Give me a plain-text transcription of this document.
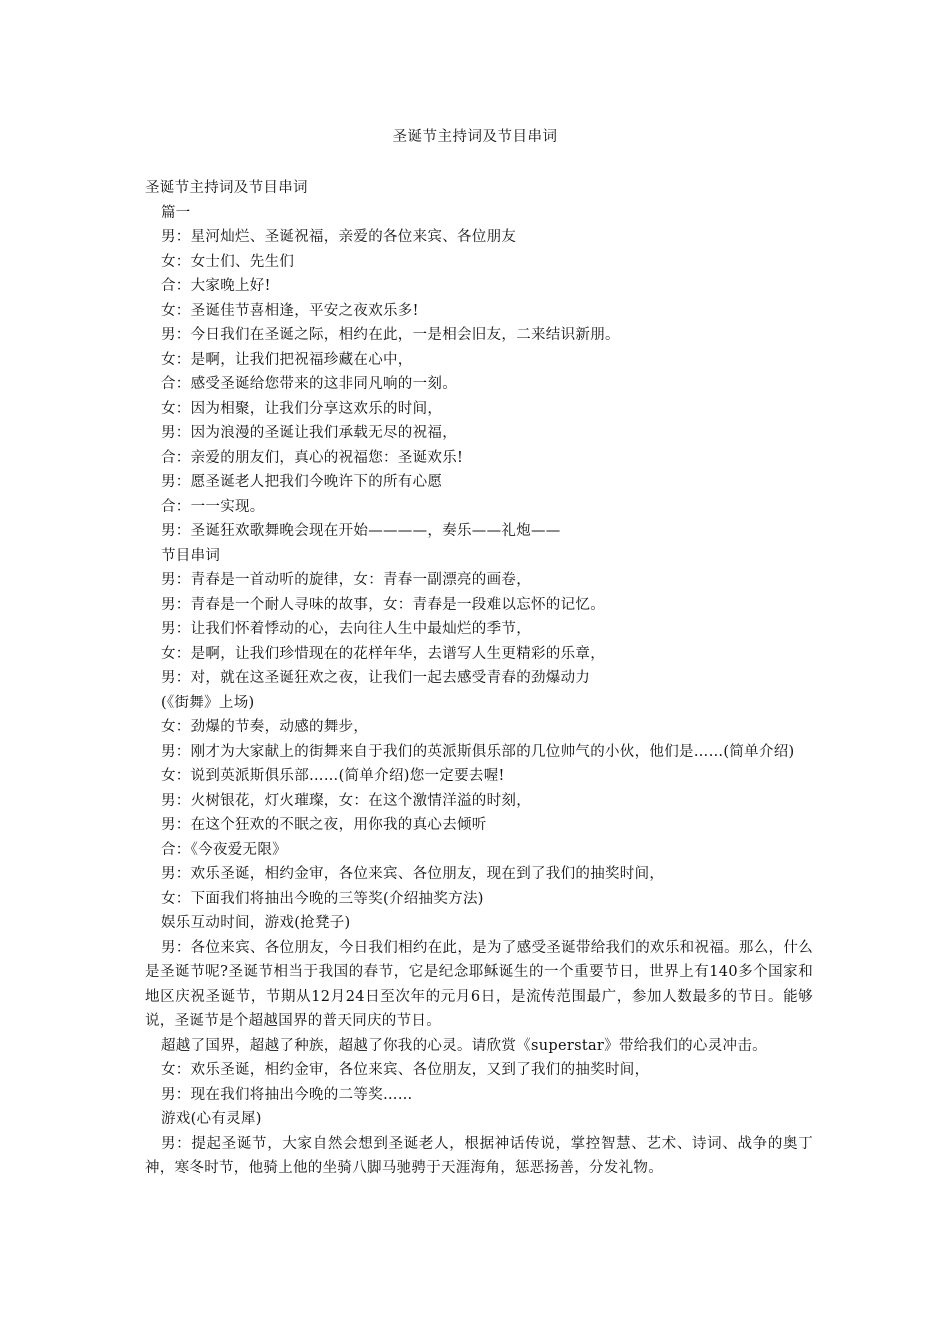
圣诞节主持词及节目串词

圣诞节主持词及节目串词

篇一

男：星河灿烂、圣诞祝福，亲爱的各位来宾、各位朋友

女：女士们、先生们

合：大家晚上好!

女：圣诞佳节喜相逢，平安之夜欢乐多!

男：今日我们在圣诞之际，相约在此，一是相会旧友，二来结识新朋。

女：是啊，让我们把祝福珍藏在心中，

合：感受圣诞给您带来的这非同凡响的一刻。

女：因为相聚，让我们分享这欢乐的时间，

男：因为浪漫的圣诞让我们承载无尽的祝福，

合：亲爱的朋友们，真心的祝福您：圣诞欢乐!

男：愿圣诞老人把我们今晚许下的所有心愿

合：一一实现。

男：圣诞狂欢歌舞晚会现在开始————，奏乐——礼炮——

节目串词

男：青春是一首动听的旋律，女：青春一副漂亮的画卷，

男：青春是一个耐人寻味的故事，女：青春是一段难以忘怀的记忆。

男：让我们怀着悸动的心，去向往人生中最灿烂的季节，

女：是啊，让我们珍惜现在的花样年华，去谱写人生更精彩的乐章，

男：对，就在这圣诞狂欢之夜，让我们一起去感受青春的劲爆动力

(《街舞》上场)

女：劲爆的节奏，动感的舞步，

男：刚才为大家献上的街舞来自于我们的英派斯俱乐部的几位帅气的小伙，他们是……(简单介绍)

女：说到英派斯俱乐部……(简单介绍)您一定要去喔!

男：火树银花，灯火璀璨，女：在这个激情洋溢的时刻，

男：在这个狂欢的不眠之夜，用你我的真心去倾听

合：《今夜爱无限》

男：欢乐圣诞，相约金审，各位来宾、各位朋友，现在到了我们的抽奖时间，

女：下面我们将抽出今晚的三等奖(介绍抽奖方法)

娱乐互动时间，游戏(抢凳子)

男：各位来宾、各位朋友，今日我们相约在此，是为了感受圣诞带给我们的欢乐和祝福。那么，什么是圣诞节呢?圣诞节相当于我国的春节，它是纪念耶稣诞生的一个重要节日，世界上有140多个国家和地区庆祝圣诞节，节期从12月24日至次年的元月6日，是流传范围最广，参加人数最多的节日。能够说，圣诞节是个超越国界的普天同庆的节日。

超越了国界，超越了种族，超越了你我的心灵。请欣赏《superstar》带给我们的心灵冲击。

女：欢乐圣诞，相约金审，各位来宾、各位朋友，又到了我们的抽奖时间，

男：现在我们将抽出今晚的二等奖……

游戏(心有灵犀)

男：提起圣诞节，大家自然会想到圣诞老人，根据神话传说，掌控智慧、艺术、诗词、战争的奥丁神，寒冬时节，他骑上他的坐骑八脚马驰骋于天涯海角，惩恶扬善，分发礼物。
